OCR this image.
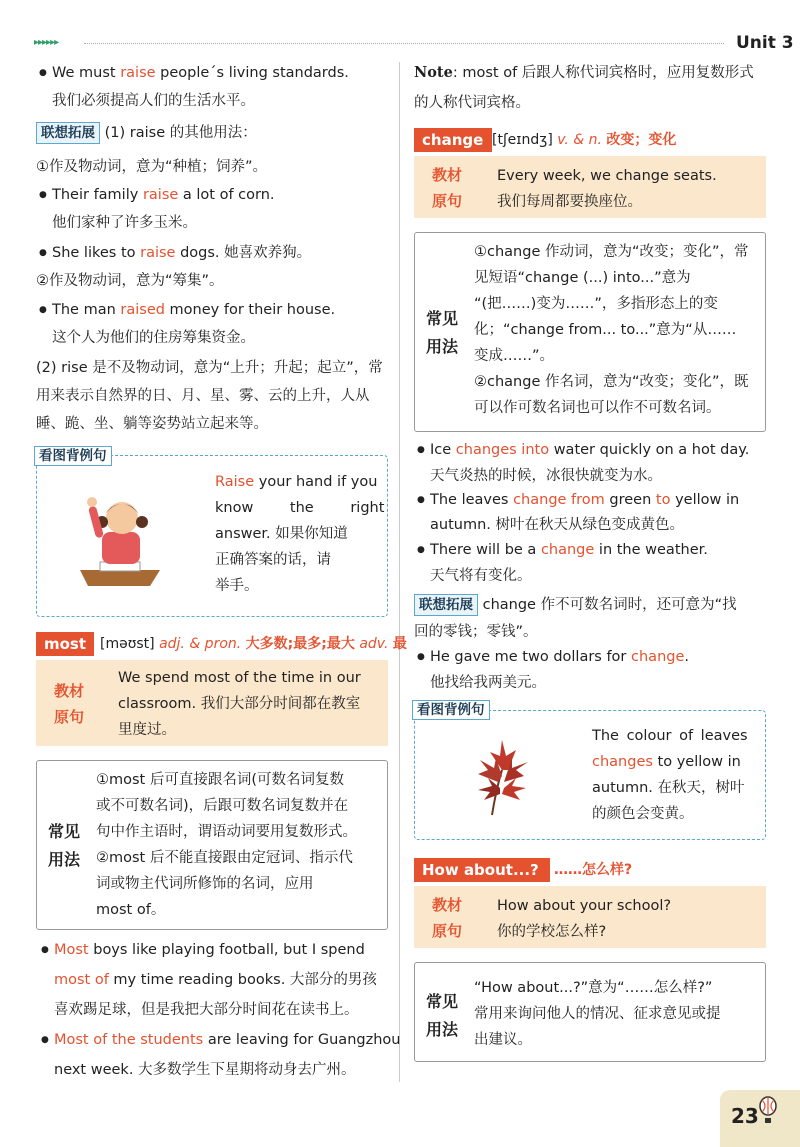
▸▸▸▸▸▸	Unit 3
● We must raise people´s living standards.
我们必须提高人们的生活水平。
联想拓展 (1) raise 的其他用法：
①作及物动词，意为“种植；饲养”。
● Their family raise a lot of corn.
他们家种了许多玉米。
● She likes to raise dogs. 她喜欢养狗。
②作及物动词，意为“筹集”。
● The man raised money for their house.
这个人为他们的住房筹集资金。
(2) rise 是不及物动词，意为“上升；升起；起立”，常
用来表示自然界的日、月、星、雾、云的上升，人从
睡、跪、坐、躺等姿势站立起来等。
看图背例句
Raise your hand if you
know the right
answer. 如果你知道
正确答案的话，请
举手。
most [məʊst] adj. & pron. 大多数;最多;最大 adv. 最
教材
原句
We spend most of the time in our
classroom. 我们大部分时间都在教室
里度过。
常见
用法
①most 后可直接跟名词(可数名词复数
或不可数名词)，后跟可数名词复数并在
句中作主语时，谓语动词要用复数形式。
②most 后不能直接跟由定冠词、指示代
词或物主代词所修饰的名词，应用
most of。
● Most boys like playing football, but I spend
most of my time reading books. 大部分的男孩
喜欢踢足球，但是我把大部分时间花在读书上。
● Most of the students are leaving for Guangzhou
next week. 大多数学生下星期将动身去广州。
Note: most of 后跟人称代词宾格时，应用复数形式
的人称代词宾格。
change [tʃeɪndʒ] v. & n. 改变；变化
教材
原句
Every week, we change seats.
我们每周都要换座位。
常见
用法
①change 作动词，意为“改变；变化”，常
见短语“change (...) into...”意为
“(把……)变为……”，多指形态上的变
化；“change from... to...”意为“从……
变成……”。
②change 作名词，意为“改变；变化”，既
可以作可数名词也可以作不可数名词。
● Ice changes into water quickly on a hot day.
天气炎热的时候，冰很快就变为水。
● The leaves change from green to yellow in
autumn. 树叶在秋天从绿色变成黄色。
● There will be a change in the weather.
天气将有变化。
联想拓展 change 作不可数名词时，还可意为“找
回的零钱；零钱”。
● He gave me two dollars for change.
他找给我两美元。
看图背例句
The colour of leaves
changes to yellow in
autumn. 在秋天，树叶
的颜色会变黄。
How about...?	……怎么样?
教材
原句
How about your school?
你的学校怎么样?
常见
用法
“How about...?”意为“……怎么样?”
常用来询问他人的情况、征求意见或提
出建议。
23
